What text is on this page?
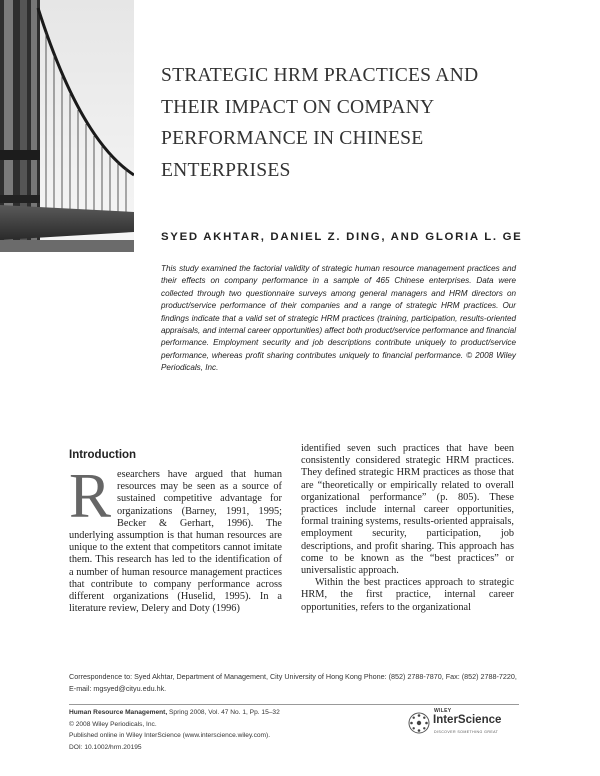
STRATEGIC HRM PRACTICES AND THEIR IMPACT ON COMPANY PERFORMANCE IN CHINESE ENTERPRISES

SYED AKHTAR, DANIEL Z. DING, AND GLORIA L. GE

This study examined the factorial validity of strategic human resource management practices and their effects on company performance in a sample of 465 Chinese enterprises. Data were collected through two questionnaire surveys among general managers and HRM directors on product/service performance of their companies and a range of strategic HRM practices. Our findings indicate that a valid set of strategic HRM practices (training, participation, results-oriented appraisals, and internal career opportunities) affect both product/service performance and financial performance. Employment security and job descriptions contribute uniquely to product/service performance, whereas profit sharing contributes uniquely to financial performance. © 2008 Wiley Periodicals, Inc.

Introduction

Researchers have argued that human resources may be seen as a source of sustained competitive advantage for organizations (Barney, 1991, 1995; Becker & Gerhart, 1996). The underlying assumption is that human resources are unique to the extent that competitors cannot imitate them. This research has led to the identification of a number of human resource management practices that contribute to company performance across different organizations (Huselid, 1995). In a literature review, Delery and Doty (1996)

identified seven such practices that have been consistently considered strategic HRM practices. They defined strategic HRM practices as those that are “theoretically or empirically related to overall organizational performance” (p. 805). These practices include internal career opportunities, formal training systems, results-oriented appraisals, employment security, participation, job descriptions, and profit sharing. This approach has come to be known as the “best practices” or universalistic approach.

Within the best practices approach to strategic HRM, the first practice, internal career opportunities, refers to the organizational

Correspondence to: Syed Akhtar, Department of Management, City University of Hong Kong Phone: (852) 2788-7870, Fax: (852) 2788-7220, E-mail: mgsyed@cityu.edu.hk.

Human Resource Management, Spring 2008, Vol. 47 No. 1, Pp. 15–32
© 2008 Wiley Periodicals, Inc.
Published online in Wiley InterScience (www.interscience.wiley.com).
DOI: 10.1002/hrm.20195
WILEY
InterScience
DISCOVER SOMETHING GREAT
